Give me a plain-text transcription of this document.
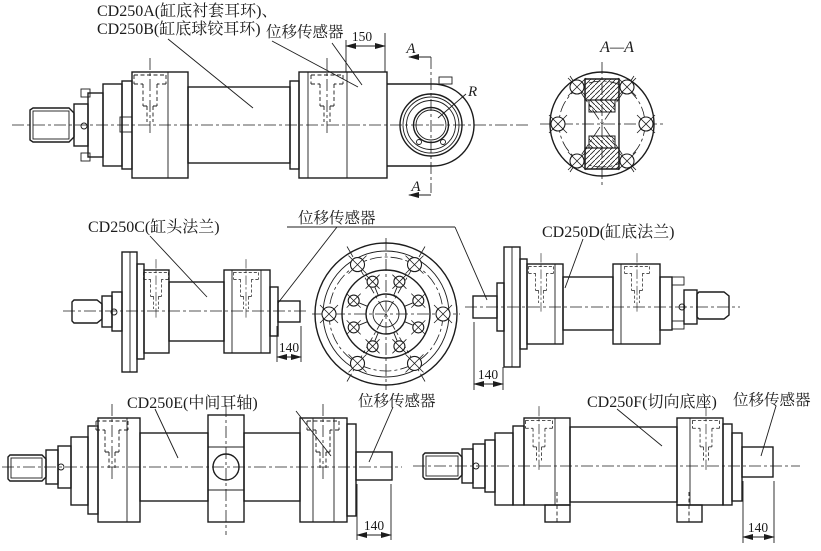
A
A
150
R
CD250A(缸底衬套耳环)、
CD250B(缸底球铰耳环) 位移传感器
A—A
140
CD250C(缸头法兰)
位移传感器
140
CD250D(缸底法兰)
140
CD250E(中间耳轴)	位移传感器
140
CD250F(切向底座) 位移传感器
